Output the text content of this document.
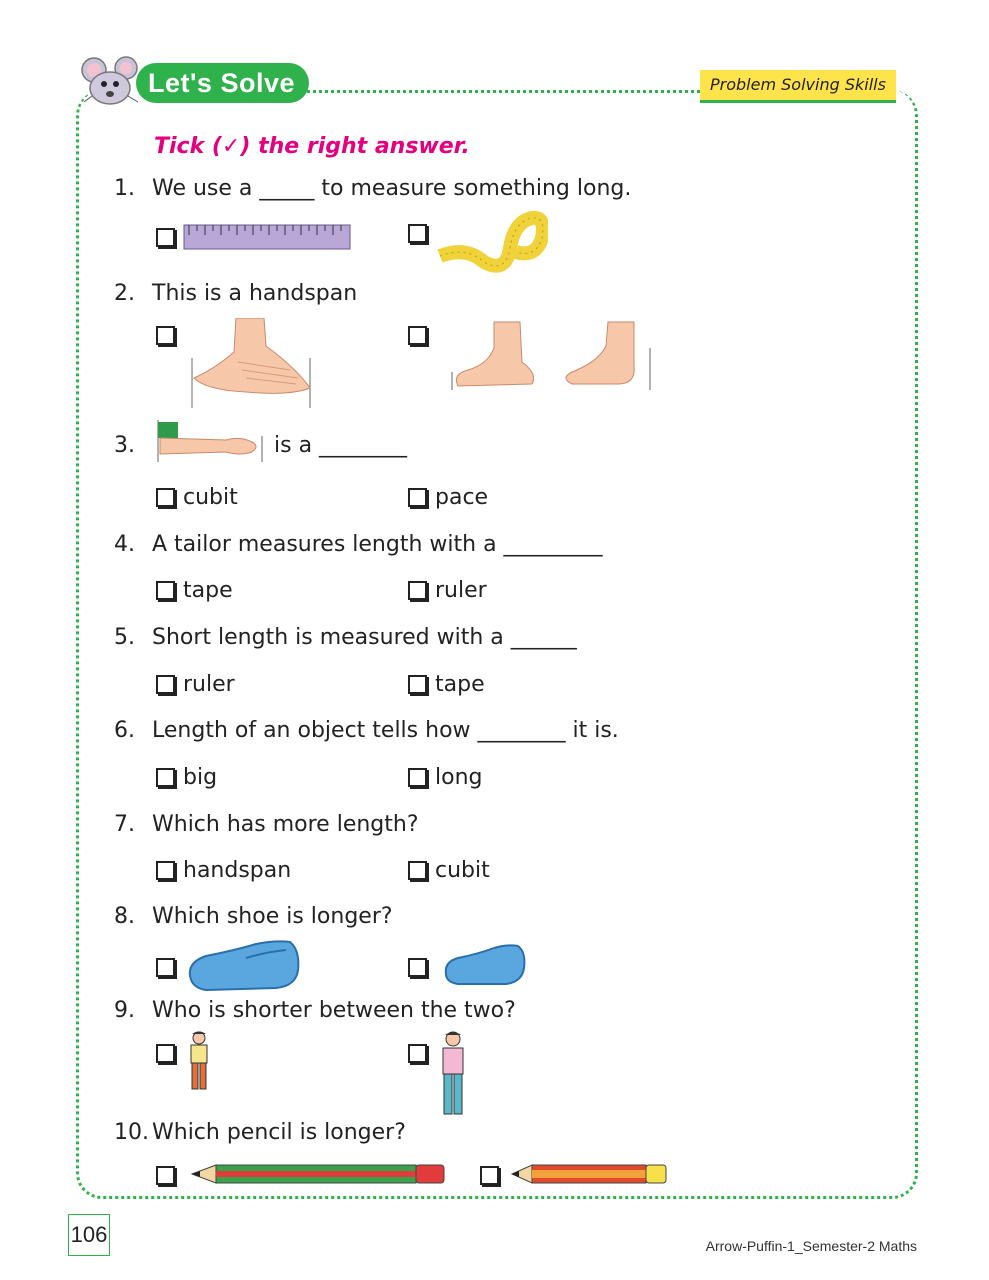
Let's Solve	Problem Solving Skills
Tick (✓) the right answer.
1. We use a _____ to measure something long.
2. This is a handspan
3.	is a ________
cubit	pace
4. A tailor measures length with a _________
tape	ruler
5. Short length is measured with a ______
ruler	tape
6. Length of an object tells how ________ it is.
big	long
7. Which has more length?
handspan	cubit
8. Which shoe is longer?
9. Who is shorter between the two?
10. Which pencil is longer?
106	Arrow-Puffin-1_Semester-2 Maths
